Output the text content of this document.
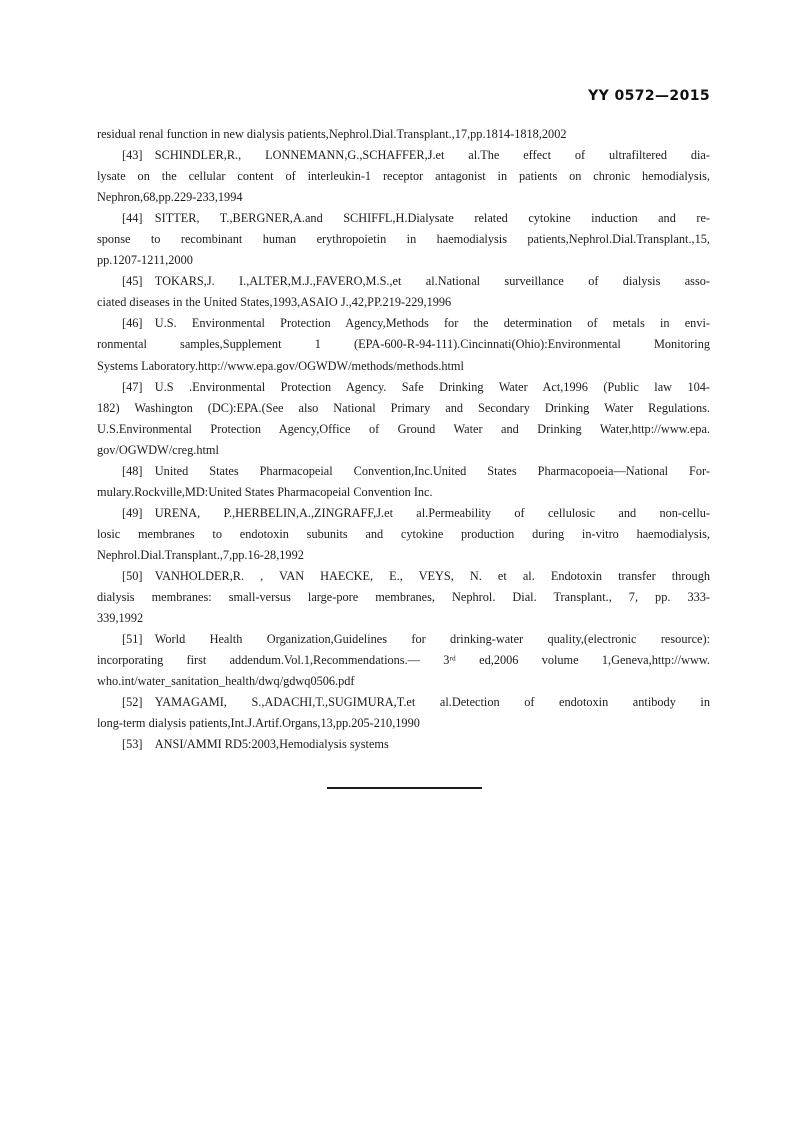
YY 0572—2015
residual renal function in new dialysis patients,Nephrol.Dial.Transplant.,17,pp.1814-1818,2002
[43] SCHINDLER,R., LONNEMANN,G.,SCHAFFER,J.et al.The effect of ultrafiltered dia-
lysate on the cellular content of interleukin-1 receptor antagonist in patients on chronic hemodialysis,
Nephron,68,pp.229-233,1994
[44] SITTER, T.,BERGNER,A.and SCHIFFL,H.Dialysate related cytokine induction and re-
sponse to recombinant human erythropoietin in haemodialysis patients,Nephrol.Dial.Transplant.,15,
pp.1207-1211,2000
[45] TOKARS,J. I.,ALTER,M.J.,FAVERO,M.S.,et al.National surveillance of dialysis asso-
ciated diseases in the United States,1993,ASAIO J.,42,PP.219-229,1996
[46] U.S. Environmental Protection Agency,Methods for the determination of metals in envi-
ronmental samples,Supplement 1 (EPA-600-R-94-111).Cincinnati(Ohio):Environmental Monitoring
Systems Laboratory.http://www.epa.gov/OGWDW/methods/methods.html
[47] U.S .Environmental Protection Agency. Safe Drinking Water Act,1996 (Public law 104-
182) Washington (DC):EPA.(See also National Primary and Secondary Drinking Water Regulations.
U.S.Environmental Protection Agency,Office of Ground Water and Drinking Water,http://www.epa.
gov/OGWDW/creg.html
[48] United States Pharmacopeial Convention,Inc.United States Pharmacopoeia—National For-
mulary.Rockville,MD:United States Pharmacopeial Convention Inc.
[49] URENA, P.,HERBELIN,A.,ZINGRAFF,J.et al.Permeability of cellulosic and non-cellu-
losic membranes to endotoxin subunits and cytokine production during in-vitro haemodialysis,
Nephrol.Dial.Transplant.,7,pp.16-28,1992
[50] VANHOLDER,R. , VAN HAECKE, E., VEYS, N. et al. Endotoxin transfer through
dialysis membranes: small-versus large-pore membranes, Nephrol. Dial. Transplant., 7, pp. 333-
339,1992
[51] World Health Organization,Guidelines for drinking-water quality,(electronic resource):
incorporating first addendum.Vol.1,Recommendations.— 3ʳᵈ ed,2006 volume 1,Geneva,http://www.
who.int/water_sanitation_health/dwq/gdwq0506.pdf
[52] YAMAGAMI, S.,ADACHI,T.,SUGIMURA,T.et al.Detection of endotoxin antibody in
long-term dialysis patients,Int.J.Artif.Organs,13,pp.205-210,1990
[53] ANSI/AMMI RD5:2003,Hemodialysis systems
